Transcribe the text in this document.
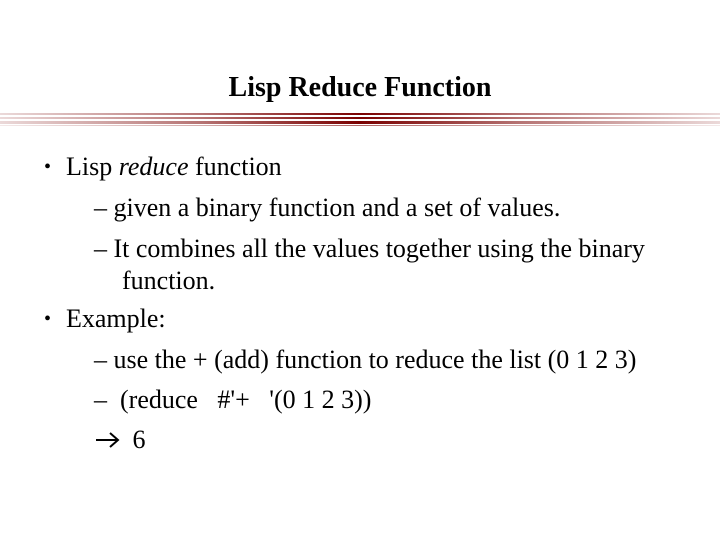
Lisp Reduce Function
• Lisp reduce function
– given a binary function and a set of values.
– It combines all the values together using the binary
function.
• Example:
– use the + (add) function to reduce the list (0 1 2 3)
– (reduce   #'+   '(0 1 2 3))
6
